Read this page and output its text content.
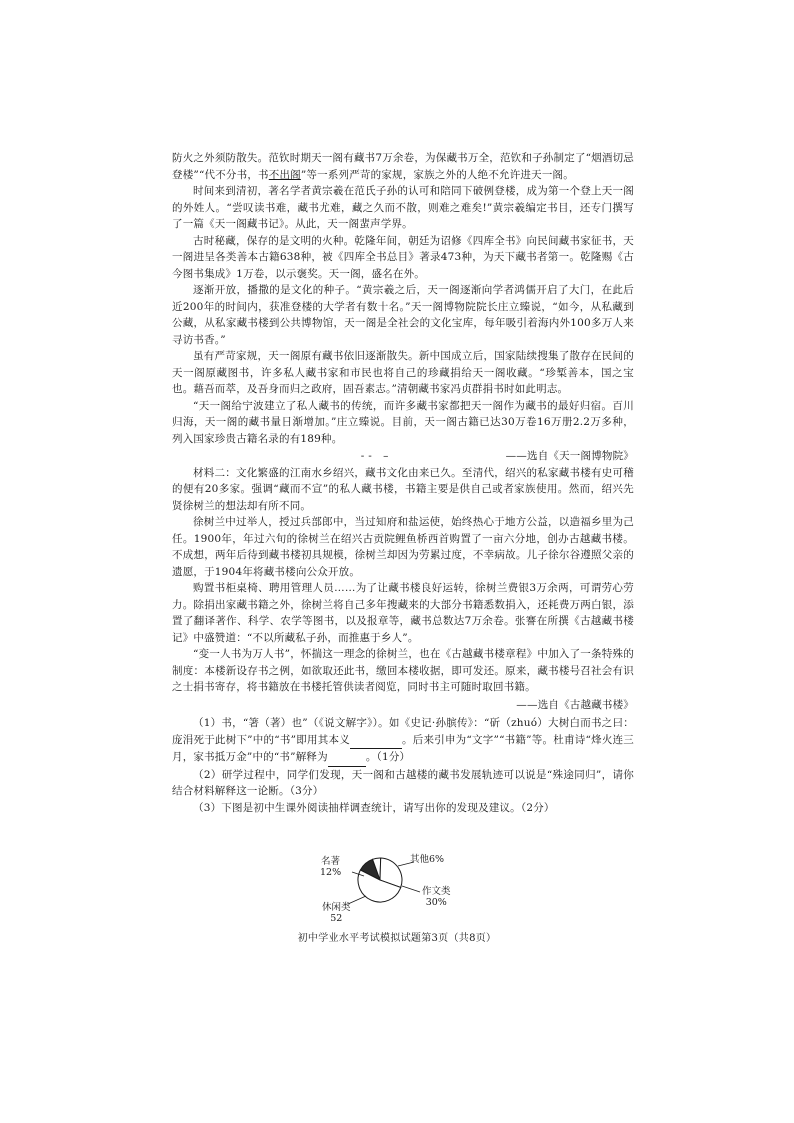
防火之外须防散失。范钦时期天一阁有藏书7万余卷，为保藏书万全，范钦和子孙制定了“烟酒切忌登楼”“代不分书，书不出阁”等一系列严苛的家规，家族之外的人绝不允许进天一阁。

时间来到清初，著名学者黄宗羲在范氏子孙的认可和陪同下破例登楼，成为第一个登上天一阁的外姓人。“尝叹读书难，藏书尤难，藏之久而不散，则难之难矣!”黄宗羲编定书目，还专门撰写了一篇《天一阁藏书记》。从此，天一阁蜚声学界。

古时秘藏，保存的是文明的火种。乾隆年间，朝廷为诏修《四库全书》向民间藏书家征书，天一阁进呈各类善本古籍638种，被《四库全书总目》著录473种，为天下藏书者第一。乾隆赐《古今图书集成》1万卷，以示褒奖。天一阁，盛名在外。

逐渐开放，播撒的是文化的种子。“黄宗羲之后，天一阁逐渐向学者鸿儒开启了大门，在此后近200年的时间内，获准登楼的大学者有数十名。”天一阁博物院院长庄立臻说，“如今，从私藏到公藏，从私家藏书楼到公共博物馆，天一阁是全社会的文化宝库，每年吸引着海内外100多万人来寻访书香。”

虽有严苛家规，天一阁原有藏书依旧逐渐散失。新中国成立后，国家陆续搜集了散存在民间的天一阁原藏图书，许多私人藏书家和市民也将自己的珍藏捐给天一阁收藏。“珍椠善本，国之宝也。藉吾而萃，及吾身而归之政府，固吾素志。”清朝藏书家冯贞群捐书时如此明志。

“天一阁给宁波建立了私人藏书的传统，而许多藏书家都把天一阁作为藏书的最好归宿。百川归海，天一阁的藏书量日渐增加。”庄立臻说。目前，天一阁古籍已达30万卷16万册2.2万多种，列入国家珍贵古籍名录的有189种。

-- –	——选自《天一阁博物院》

材料二：文化繁盛的江南水乡绍兴，藏书文化由来已久。至清代，绍兴的私家藏书楼有史可稽的便有20多家。强调“藏而不宣”的私人藏书楼，书籍主要是供自己或者家族使用。然而，绍兴先贤徐树兰的想法却有所不同。

徐树兰中过举人，授过兵部郎中，当过知府和盐运使，始终热心于地方公益，以造福乡里为己任。1900年，年过六旬的徐树兰在绍兴古贡院鲤鱼桥西首购置了一亩六分地，创办古越藏书楼。不成想，两年后待到藏书楼初具规模，徐树兰却因为劳累过度，不幸病故。儿子徐尔谷遵照父亲的遗愿，于1904年将藏书楼向公众开放。

购置书柜桌椅、聘用管理人员……为了让藏书楼良好运转，徐树兰费银3万余两，可谓劳心劳力。除捐出家藏书籍之外，徐树兰将自己多年搜藏来的大部分书籍悉数捐入，还耗费万两白银，添置了翻译著作、科学、农学等图书，以及报章等，藏书总数达7万余卷。张謇在所撰《古越藏书楼记》中盛赞道：“不以所藏私子孙，而推惠于乡人”。

“变一人书为万人书”，怀揣这一理念的徐树兰，也在《古越藏书楼章程》中加入了一条特殊的制度：本楼新设存书之例，如欲取还此书，缴回本楼收据，即可发还。原来，藏书楼号召社会有识之士捐书寄存，将书籍放在书楼托管供读者阅览，同时书主可随时取回书籍。

——选自《古越藏书楼》

（1）书，“箸（著）也”（《说文解字》）。如《史记·孙膑传》：“斫（zhuó）大树白而书之曰：庞涓死于此树下”中的“书”即用其本义	。后来引申为“文字”“书籍”等。杜甫诗“烽火连三月，家书抵万金”中的“书”解释为	。（1分）

（2）研学过程中，同学们发现，天一阁和古越楼的藏书发展轨迹可以说是“殊途同归”，请你结合材料解释这一论断。（3分）

（3）下图是初中生课外阅读抽样调查统计，请写出你的发现及建议。（2分）

名著
12%
其他6%
作文类
30%
休闲类
52
初中学业水平考试模拟试题第3页（共8页）
